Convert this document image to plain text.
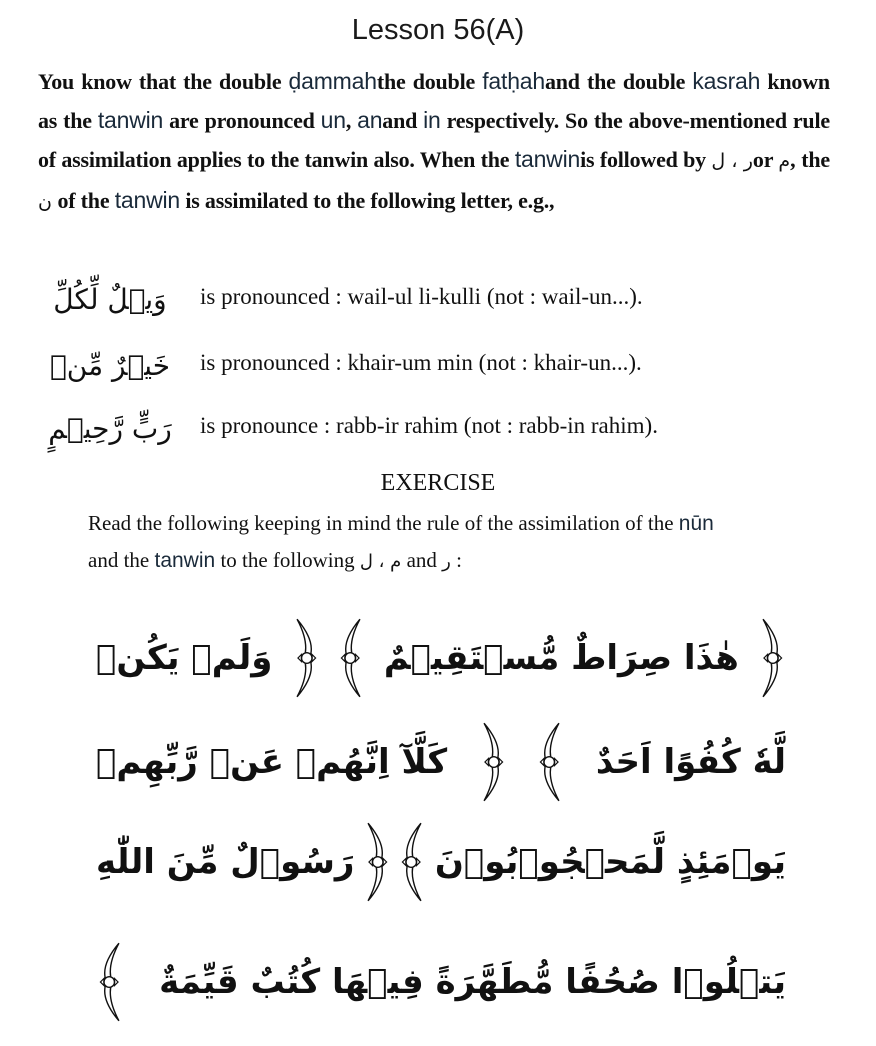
Lesson 56(A)
You know that the double ḍammahthe double fatḥahand the double kasrah known as the tanwin are pronounced un, anand in respectively. So the above-mentioned rule of assimilation applies to the tanwin also. When the tanwinis followed by ر ، لor م, the ن of the tanwin is assimilated to the following letter, e.g.,
وَيۡلٌ لِّكُلِّ	is pronounced : wail-ul li-kulli (not : wail-un...).
خَيۡرٌ مِّنۡ	is pronounced : khair-um min (not : khair-un...).
رَبٍّ رَّحِيۡمٍ	is pronounce : rabb-ir rahim (not : rabb-in rahim).
EXERCISE
Read the following keeping in mind the rule of the assimilation of the nūn
and the tanwin to the following م ، ل and ر :
وَلَمۡ يَكُنۡ	هٰذَا صِرَاطٌ مُّسۡتَقِيۡمٌ
كَلَّآ اِنَّهُمۡ عَنۡ رَّبِّهِمۡ	لَّهٗ كُفُوًا اَحَدٌ
رَسُوۡلٌ مِّنَ اللّٰهِ يَوۡمَئِذٍ لَّمَحۡجُوۡبُوۡنَ
يَتۡلُوۡا صُحُفًا مُّطَهَّرَةً فِيۡهَا كُتُبٌ قَيِّمَةٌ
